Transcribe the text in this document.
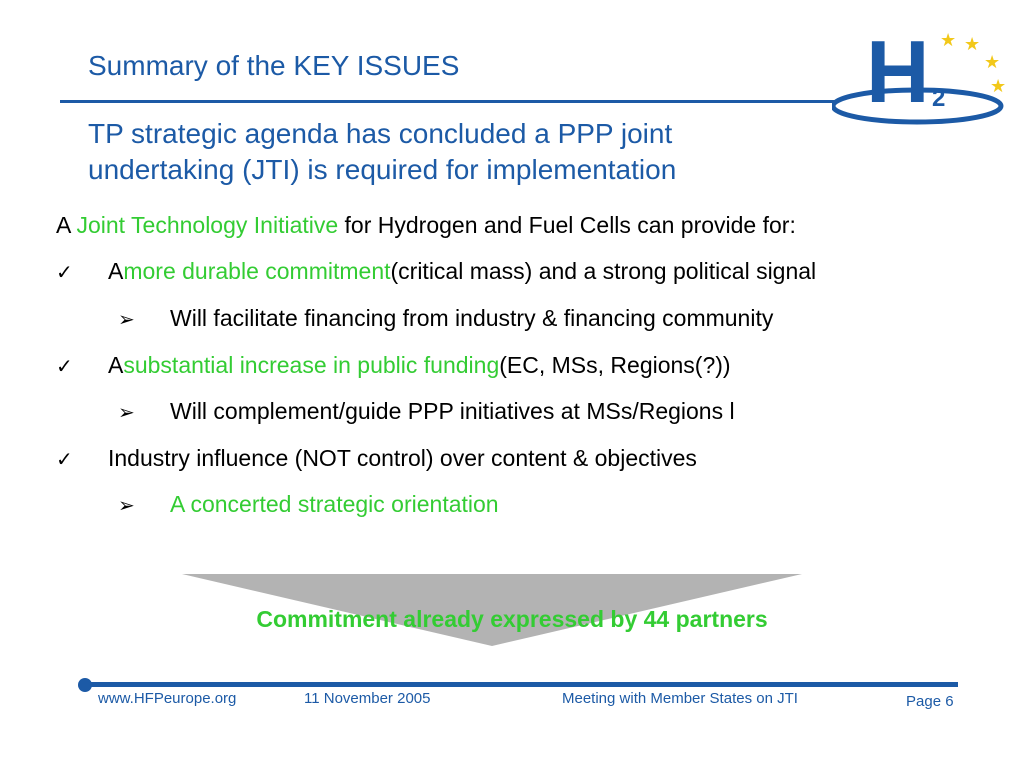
Summary of the KEY ISSUES
TP strategic agenda has concluded a PPP joint
undertaking (JTI) is required for implementation
H 2
★ ★
★
★
A Joint Technology Initiative for Hydrogen and Fuel Cells can provide for:
✓	A more durable commitment (critical mass) and a strong political signal
➢	Will facilitate financing from industry & financing community
✓	A substantial increase in public funding (EC, MSs, Regions(?))
➢	Will complement/guide PPP initiatives at MSs/Regions l
✓	Industry influence (NOT control) over content & objectives
➢	A concerted strategic orientation
Commitment already expressed by 44 partners
www.HFPeurope.org	11 November 2005	Meeting with Member States on JTI	Page 6
